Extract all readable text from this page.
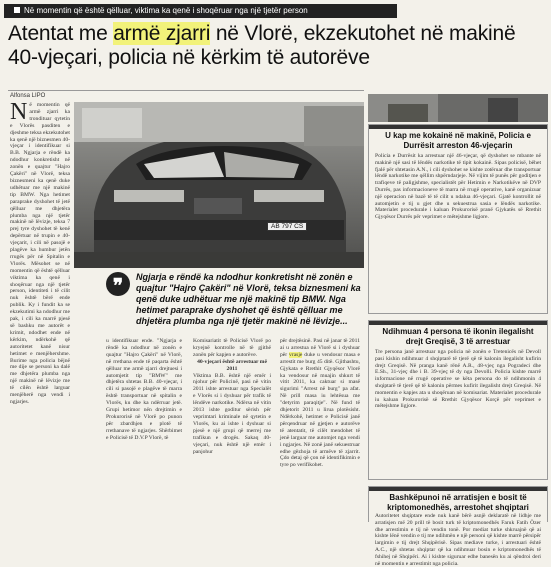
Në momentin që është qëlluar, viktima ka qenë i shoqëruar nga një tjetër person
Atentat me armë zjarri në Vlorë, ekzekutohet në makinë 40-vjeçari, policia në kërkim të autorëve
Alfonsa LIPO
Në momentin që armë zjarri ka trondituar qytetin e Vlorës pasditen e djeshme teksa ekzekutohet ka qenë një biznesmen 40-vjeçar i identifikuar si B.B. Ngjarja e rëndë ka ndodhur konkretisht në zonën e quajtur "Hajro Çakëri" në Vlorë, teksa biznesmeni ka qenë duke udhëtuar me një makinë tip BMW. Nga hetimet paraprake dyshohet të jetë qëlluar me dhjetëra plumba nga një tjetër makinë në lëvizje, teksa 7 prej tyre dyshohet të kenë depërtuar në trupin e 40-vjeçarit, i cili në pasojë e plagëve ka humbur jetën rrugës për në Spitalin e Vlorës. Mësohet se në momentin që është qëlluar viktima ka qenë i shoqëruar nga një tjetër person, identiteti i të cilit nuk është bërë ende publik. Ky i fundit ka se ekzekutimi ka ndodhur me pak, i cili ka marrë pjesë së bashku me autorët e krimit, ndodhet ende në kërkim, ndërkohë që autoritetet kanë nisur hetimet e menjëhershme. Burime nga policia bëjnë me dije se personi ka dalë me dhjetëra plumba nga një makinë në lëvizje me të cilën është larguar menjëherë nga vendi i ngjarjes.
AB 797 CS
❞	Ngjarja e rëndë ka ndodhur konkretisht në zonën e quajtur "Hajro Çakëri" në Vlorë, teksa biznesmeni ka qenë duke udhëtuar me një makinë tip BMW. Nga hetimet paraprake dyshohet që është qëlluar me dhjetëra plumba nga një tjetër makinë në lëvizje...

u identifikuar ende. "Ngjarja e rëndë ka ndodhur në zonën e quajtur "Hajro Çakëri" në Vlorë, në rrethana ende të paqarta është qëlluar me armë zjarri drejtuesi i automjetit tip "BMW" me dhjetëra shtetas B.B. 40-vjeçar, i cili si pasojë e plagëve të marra është transportuar në spitalin e Vlorës, ku dhe ka ndërruar jetë. Grupi hetimor nën drejtimin e Prokurorisë në Vlorë po punon për zbardhjen e plotë të rrethanave të ngjarjes. Shërbimet e Policisë të D.V.P Vlorë, të
Komisariatit të Policisë Vlorë po kryejnë kontrolle në të gjithë zonën për kapjen e autorëve.
40-vjeçari është arrestuar më 2011
Viktima B.B. është një emër i njohur për Policinë, pasi në vitin 2011 ishte arrestuar nga Specialët e Vlorës si i dyshuar për trafik të lëndëve narkotike. Ndërsa në vitin 2013 ishte goditur sërish për veprimtari kriminale në qytetin e Vlorës, ku ai ishte i dyshuar si pjesë e një grupi që merrej me trafikun e drogës. Sakaq 40-vjeçari, nuk është një emër i panjohur
për drejtësinë. Pasi në janar të 2011 ai u arrestua në Vlorë si i dyshuar për vrasje duke u vendosur masa e arrestit me burg 45 ditë. Gjithashtu, Gjykata e Rrethit Gjyqësor Vlorë ka vendosur në muajin shkurt të vitit 2011, ka caktuar si masë sigurimi "Arrest në burg" pa afat. Në prill masa iu lehtësua me "detyrim paraqitje". Në fund të dhjetorit 2011 u lirua plotësisht. Ndërkohë, hetimet e Policisë janë përqendruar në gjetjen e autorëve të atentatit, të cilët mendohet të jenë larguar me automjet nga vendi i ngjarjes. Në zonë janë sekuestruar edhe gëzhoja të armëve të zjarrit. Çdo detaj që çon në identifikimin e tyre po verifikohet.
U kap me kokainë në makinë, Policia e Durrësit arreston 46-vjeçarin

Policia e Durrësit ka arrestuar një 46-vjeçar, që dyshohet se mbante në makinë një sasi të lëndës narkotike të tipit kokainë. Sipas policisë, bëhet fjalë për shtetasin A.N., i cili dyshohet se kishte zotëruar dhe transportuar lëndë narkotike me qëllim shpërndarjeje. Në vijim të punës për goditjen e trafiqeve të paligjshme, specialistët për Hetimin e Narkotikëve në DVP Durrës, pas informacioneve të marra në rrugë operative, kanë organizuar një operacion në bazë të të cilit u ndalua 46-vjeçari. Gjatë kontrollit në automjetin e tij u gjet dhe u sekuestrua sasia e lëndës narkotike. Materialet procedurale i kaluan Prokurorisë pranë Gjykatës së Rrethit Gjyqësor Durrës për veprimet e mëtejshme ligjore.

Ndihmuan 4 persona të ikonin ilegalisht drejt Greqisë, 3 të arrestuar

Tre persona janë arrestuar nga policia në zonën e Tretenicës në Devoll pasi kishin ndihmuar 4 shqiptarë të tjerë që të kalonin ilegalisht kufirin drejt Greqisë. Në pranga kanë rënë A.R., 48-vjeç nga Pogradeci dhe E.Sh., 31-vjeç dhe i B. 39-vjeç të dy nga Devolli. Policia kishte marrë informacione në rrugë operative se këta persona do të ndihmonin 4 shqiptarë të tjerë që të kalonin përmes kufirit ilegalisht drejt Greqisë. Në momentin e kapjes ata u shoqëruan në komisariat. Materialet procedurale iu kaluan Prokurorisë së Rrethit Gjyqësor Korçë për veprimet e mëtejshme ligjore.

Bashkëpunoi në arratisjen e bosit të kriptomonedhës, arrestohet shqiptari

Autoritetet shqiptare ende nuk kanë bërë asnjë deklaratë në lidhje me arratisjen më 20 prill të bosit turk të kriptomonedhës Faruk Fatih Özer dhe arrestimin e tij në vendin tonë. Por mediat turke shkruajnë që ai kishte lënë vendin e tij me ndihmën e një personi që kishte marrë përsipër largimin e tij drejt Shqipërisë. Sipas mediave turke, i arrestuari është A.C., një shtetas shqiptar që ka ndihmuar bosin e kriptomonedhës të fshihej në Shqipëri. Ai i kishte siguruar edhe banesën ku ai qëndroi deri në momentin e arrestimit nga policia.
